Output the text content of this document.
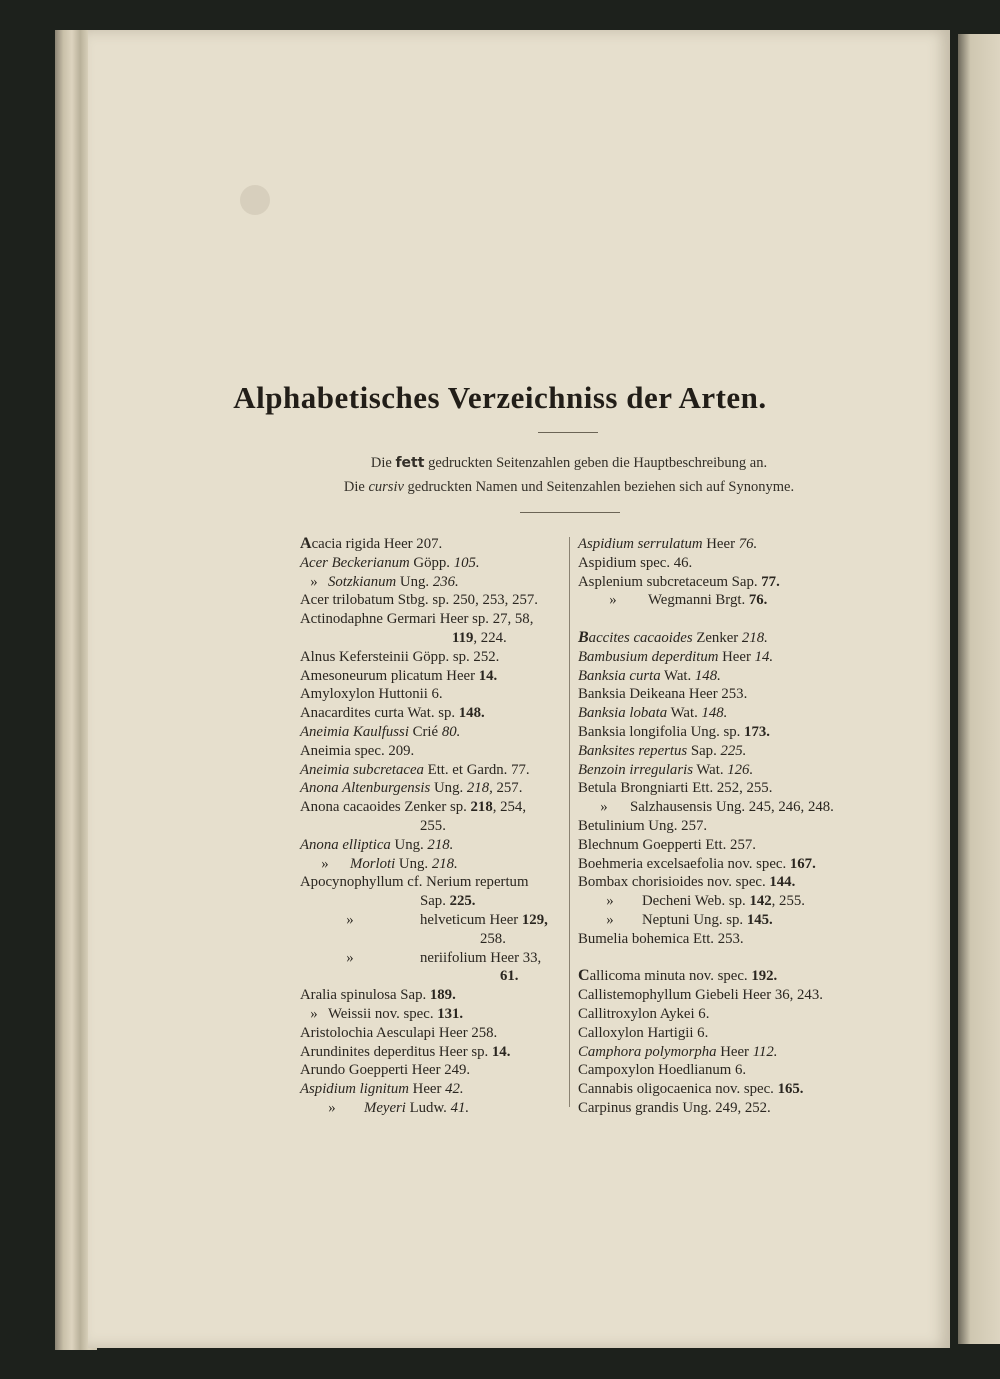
Alphabetisches Verzeichniss der Arten.
Die fett gedruckten Seitenzahlen geben die Hauptbeschreibung an.
Die cursiv gedruckten Namen und Seitenzahlen beziehen sich auf Synonyme.
Acacia rigida Heer 207.
Acer Beckerianum Göpp. 105.
» Sotzkianum Ung. 236.
Acer trilobatum Stbg. sp. 250, 253, 257.
Actinodaphne Germari Heer sp. 27, 58,
119, 224.
Alnus Kefersteinii Göpp. sp. 252.
Amesoneurum plicatum Heer 14.
Amyloxylon Huttonii 6.
Anacardites curta Wat. sp. 148.
Aneimia Kaulfussi Crié 80.
Aneimia spec. 209.
Aneimia subcretacea Ett. et Gardn. 77.
Anona Altenburgensis Ung. 218, 257.
Anona cacaoides Zenker sp. 218, 254,
255.
Anona elliptica Ung. 218.
» Morloti Ung. 218.
Apocynophyllum cf. Nerium repertum
Sap. 225.
»	helveticum Heer 129,
258.
»	neriifolium Heer 33,
61.
Aralia spinulosa Sap. 189.
» Weissii nov. spec. 131.
Aristolochia Aesculapi Heer 258.
Arundinites deperditus Heer sp. 14.
Arundo Goepperti Heer 249.
Aspidium lignitum Heer 42.
» Meyeri Ludw. 41.
Aspidium serrulatum Heer 76.
Aspidium spec. 46.
Asplenium subcretaceum Sap. 77.
» Wegmanni Brgt. 76.
Baccites cacaoides Zenker 218.
Bambusium deperditum Heer 14.
Banksia curta Wat. 148.
Banksia Deikeana Heer 253.
Banksia lobata Wat. 148.
Banksia longifolia Ung. sp. 173.
Banksites repertus Sap. 225.
Benzoin irregularis Wat. 126.
Betula Brongniarti Ett. 252, 255.
» Salzhausensis Ung. 245, 246, 248.
Betulinium Ung. 257.
Blechnum Goepperti Ett. 257.
Boehmeria excelsaefolia nov. spec. 167.
Bombax chorisioides nov. spec. 144.
» Decheni Web. sp. 142, 255.
» Neptuni Ung. sp. 145.
Bumelia bohemica Ett. 253.
Callicoma minuta nov. spec. 192.
Callistemophyllum Giebeli Heer 36, 243.
Callitroxylon Aykei 6.
Calloxylon Hartigii 6.
Camphora polymorpha Heer 112.
Campoxylon Hoedlianum 6.
Cannabis oligocaenica nov. spec. 165.
Carpinus grandis Ung. 249, 252.
